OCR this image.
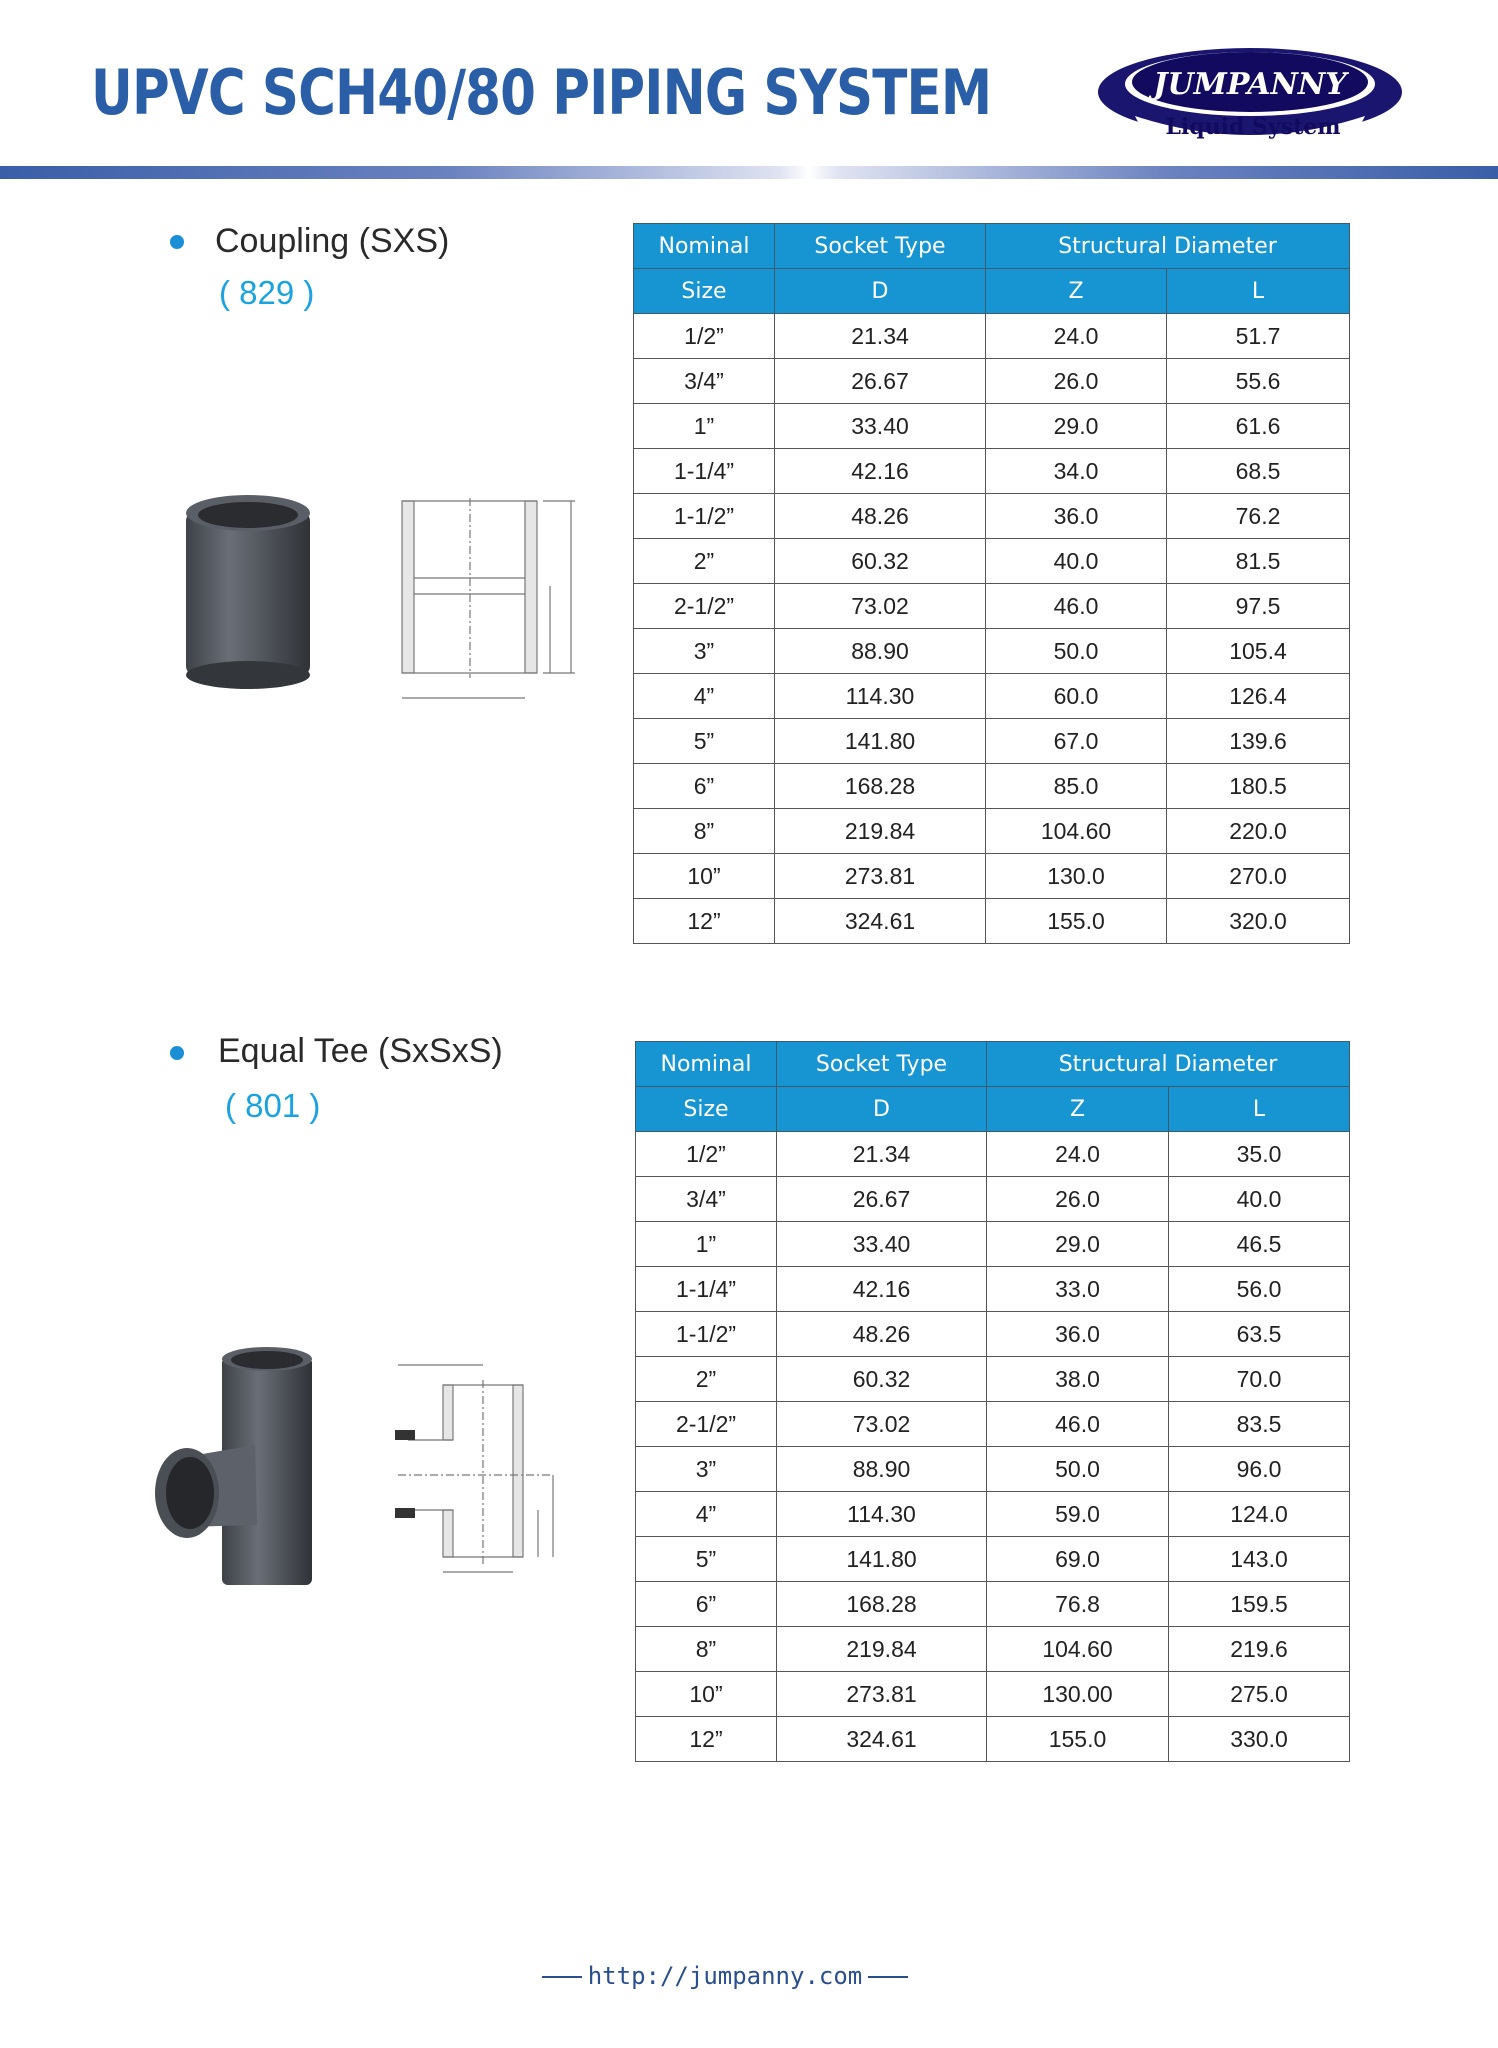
UPVC SCH40/80 PIPING SYSTEM	JUMPANNY
Liquid System
Coupling (SXS)
( 829 )
Nominal	Socket Type	Structural Diameter	
Size	D	Z	L
1/2”	21.34	24.0	51.7
3/4”	26.67	26.0	55.6
1”	33.40	29.0	61.6
1-1/4”	42.16	34.0	68.5
1-1/2”	48.26	36.0	76.2
2”	60.32	40.0	81.5
2-1/2”	73.02	46.0	97.5
3”	88.90	50.0	105.4
4”	114.30	60.0	126.4
5”	141.80	67.0	139.6
6”	168.28	85.0	180.5
8”	219.84	104.60	220.0
10”	273.81	130.0	270.0
12”	324.61	155.0	320.0
Equal Tee (SxSxS)
( 801 )
Nominal	Socket Type	Structural Diameter	
Size	D	Z	L
1/2”	21.34	24.0	35.0
3/4”	26.67	26.0	40.0
1”	33.40	29.0	46.5
1-1/4”	42.16	33.0	56.0
1-1/2”	48.26	36.0	63.5
2”	60.32	38.0	70.0
2-1/2”	73.02	46.0	83.5
3”	88.90	50.0	96.0
4”	114.30	59.0	124.0
5”	141.80	69.0	143.0
6”	168.28	76.8	159.5
8”	219.84	104.60	219.6
10”	273.81	130.00	275.0
12”	324.61	155.0	330.0
http://jumpanny.com
